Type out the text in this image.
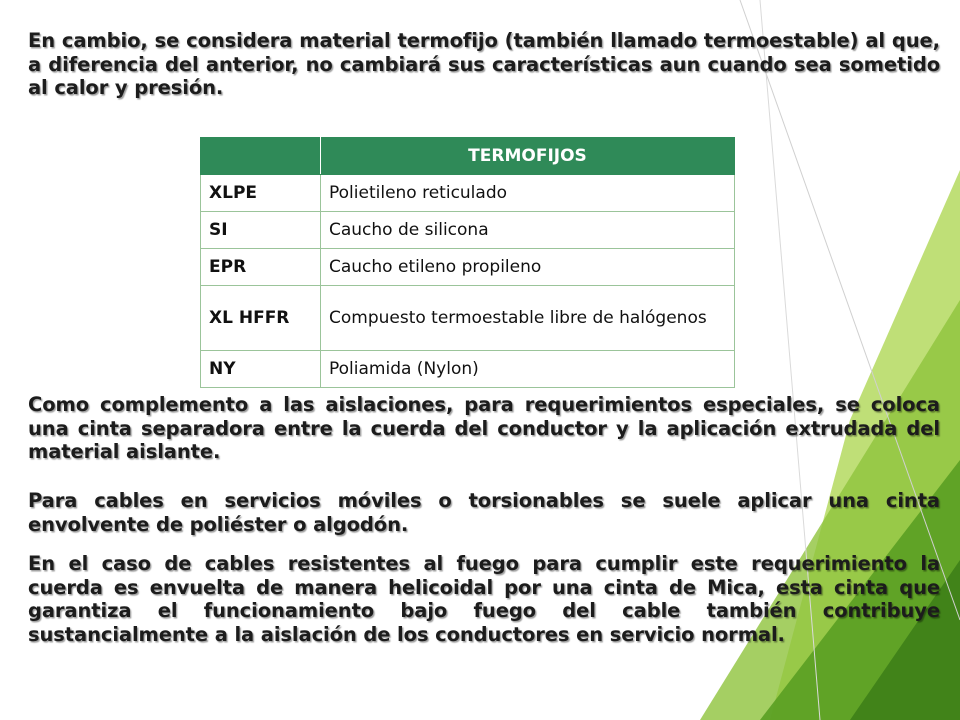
En cambio, se considera material termofijo (también llamado termoestable) al que, a diferencia del anterior, no cambiará sus características aun cuando sea sometido al calor y presión.

	TERMOFIJOS
XLPE	Polietileno reticulado
SI	Caucho de silicona
EPR	Caucho etileno propileno
XL HFFR	Compuesto termoestable libre de halógenos
NY	Poliamida (Nylon)

Como complemento a las aislaciones, para requerimientos especiales, se coloca una cinta separadora entre la cuerda del conductor y la aplicación extrudada del material aislante.

Para cables en servicios móviles o torsionables se suele aplicar una cinta envolvente de poliéster o algodón.

En el caso de cables resistentes al fuego para cumplir este requerimiento la cuerda es envuelta de manera helicoidal por una cinta de Mica, esta cinta que garantiza el funcionamiento bajo fuego del cable también contribuye sustancialmente a la aislación de los conductores en servicio normal.
